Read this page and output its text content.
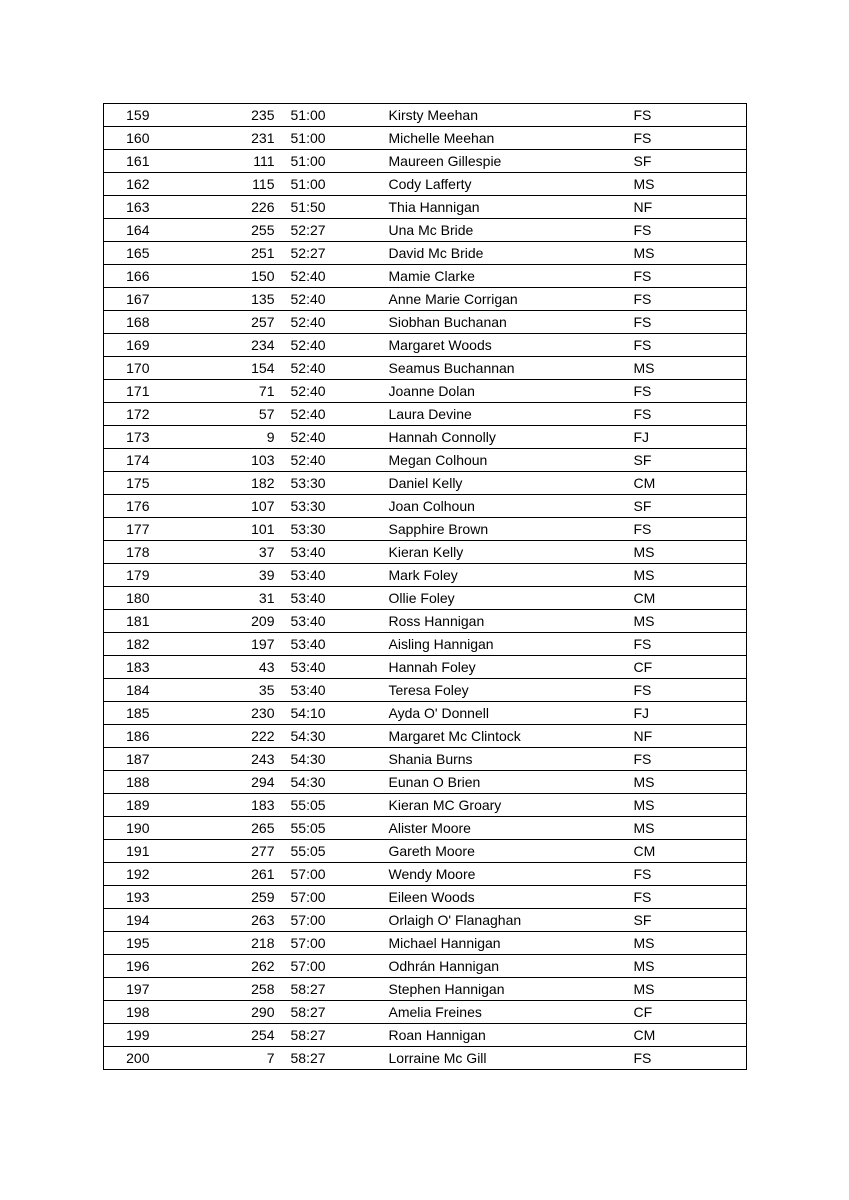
159	235	51:00	Kirsty Meehan	FS
160	231	51:00	Michelle Meehan	FS
161	111	51:00	Maureen Gillespie	SF
162	115	51:00	Cody Lafferty	MS
163	226	51:50	Thia Hannigan	NF
164	255	52:27	Una Mc Bride	FS
165	251	52:27	David Mc Bride	MS
166	150	52:40	Mamie Clarke	FS
167	135	52:40	Anne Marie Corrigan	FS
168	257	52:40	Siobhan Buchanan	FS
169	234	52:40	Margaret Woods	FS
170	154	52:40	Seamus Buchannan	MS
171	71	52:40	Joanne Dolan	FS
172	57	52:40	Laura Devine	FS
173	9	52:40	Hannah Connolly	FJ
174	103	52:40	Megan Colhoun	SF
175	182	53:30	Daniel Kelly	CM
176	107	53:30	Joan Colhoun	SF
177	101	53:30	Sapphire Brown	FS
178	37	53:40	Kieran Kelly	MS
179	39	53:40	Mark Foley	MS
180	31	53:40	Ollie Foley	CM
181	209	53:40	Ross Hannigan	MS
182	197	53:40	Aisling Hannigan	FS
183	43	53:40	Hannah Foley	CF
184	35	53:40	Teresa Foley	FS
185	230	54:10	Ayda O' Donnell	FJ
186	222	54:30	Margaret Mc Clintock	NF
187	243	54:30	Shania Burns	FS
188	294	54:30	Eunan O Brien	MS
189	183	55:05	Kieran MC Groary	MS
190	265	55:05	Alister Moore	MS
191	277	55:05	Gareth Moore	CM
192	261	57:00	Wendy Moore	FS
193	259	57:00	Eileen Woods	FS
194	263	57:00	Orlaigh O' Flanaghan	SF
195	218	57:00	Michael Hannigan	MS
196	262	57:00	Odhrán Hannigan	MS
197	258	58:27	Stephen Hannigan	MS
198	290	58:27	Amelia Freines	CF
199	254	58:27	Roan Hannigan	CM
200	7	58:27	Lorraine Mc Gill	FS
